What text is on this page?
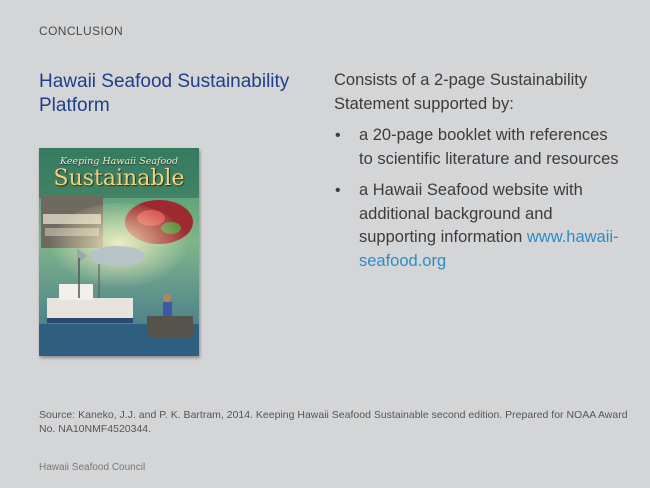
CONCLUSION
Hawaii Seafood Sustainability Platform
Consists of a 2-page Sustainability Statement supported by:
• a 20-page booklet with references to scientific literature and resources
• a Hawaii Seafood website with additional background and supporting information www.hawaii-seafood.org
Keeping Hawaii Seafood
Sustainable
Source: Kaneko, J.J. and P. K. Bartram, 2014. Keeping Hawaii Seafood Sustainable second edition. Prepared for NOAA Award No. NA10NMF4520344.
Hawaii Seafood Council
